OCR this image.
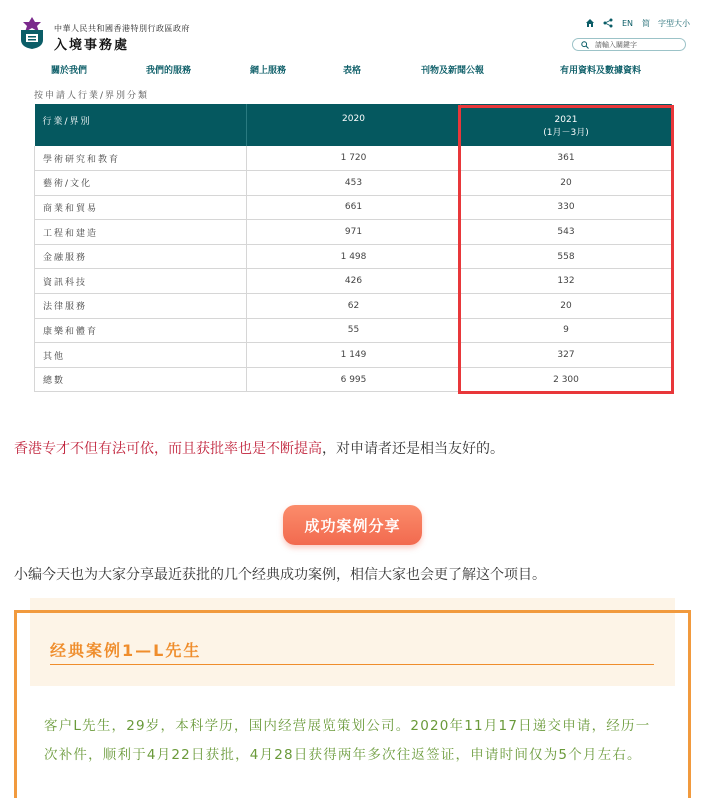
中華人民共和國香港特別行政區政府
入境事務處
EN 简 字型大小
請輸入關鍵字
關於我們	我們的服務	網上服務	表格	刊物及新聞公報	有用資料及數據資料
按申請人行業/界別分類
行業/界別	2020	2021
(1月－3月)

學術研究和教育	1 720	361
藝術/文化	453	20
商業和貿易	661	330
工程和建造	971	543
金融服務	1 498	558
資訊科技	426	132
法律服務	62	20
康樂和體育	55	9
其他	1 149	327
總數	6 995	2 300
香港专才不但有法可依，而且获批率也是不断提高，对申请者还是相当友好的。
成功案例分享
小编今天也为大家分享最近获批的几个经典成功案例，相信大家也会更了解这个项目。
经典案例1—L先生
客户L先生，29岁，本科学历，国内经营展览策划公司。2020年11月17日递交申请，经历一次补件，顺利于4月22日获批，4月28日获得两年多次往返签证，申请时间仅为5个月左右。
